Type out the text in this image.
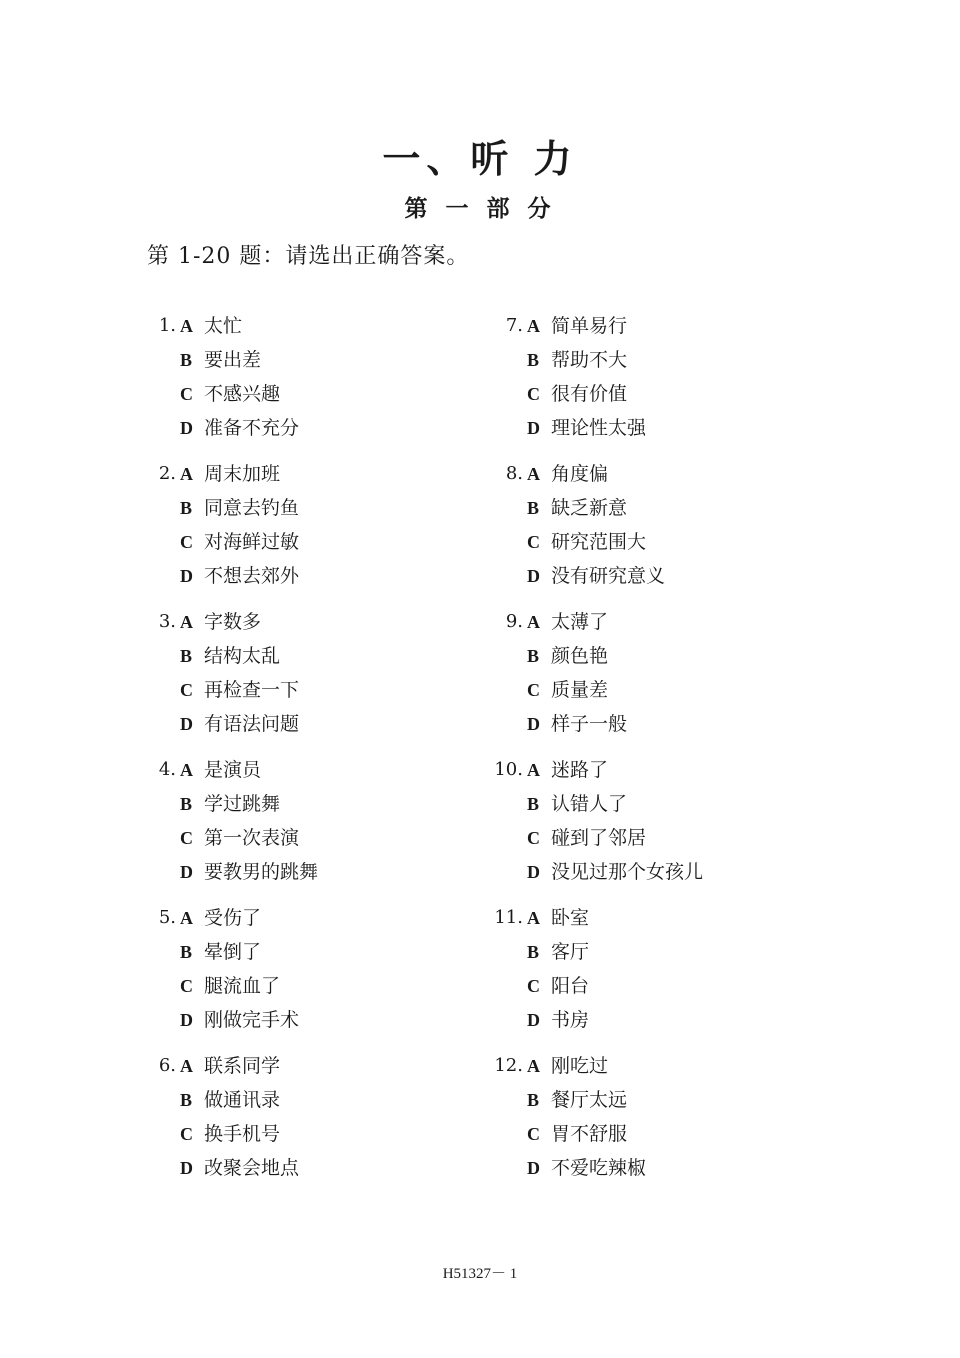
一、听 力
第 一 部 分

第 1-20 题：请选出正确答案。

1. A 太忙
B 要出差
C 不感兴趣
D 准备不充分
2. A 周末加班
B 同意去钓鱼
C 对海鲜过敏
D 不想去郊外
3. A 字数多
B 结构太乱
C 再检查一下
D 有语法问题
4. A 是演员
B 学过跳舞
C 第一次表演
D 要教男的跳舞
5. A 受伤了
B 晕倒了
C 腿流血了
D 刚做完手术
6. A 联系同学
B 做通讯录
C 换手机号
D 改聚会地点
7. A 简单易行
B 帮助不大
C 很有价值
D 理论性太强
8. A 角度偏
B 缺乏新意
C 研究范围大
D 没有研究意义
9. A 太薄了
B 颜色艳
C 质量差
D 样子一般
10. A 迷路了
B 认错人了
C 碰到了邻居
D 没见过那个女孩儿
11. A 卧室
B 客厅
C 阳台
D 书房
12. A 刚吃过
B 餐厅太远
C 胃不舒服
D 不爱吃辣椒
H51327－ 1
